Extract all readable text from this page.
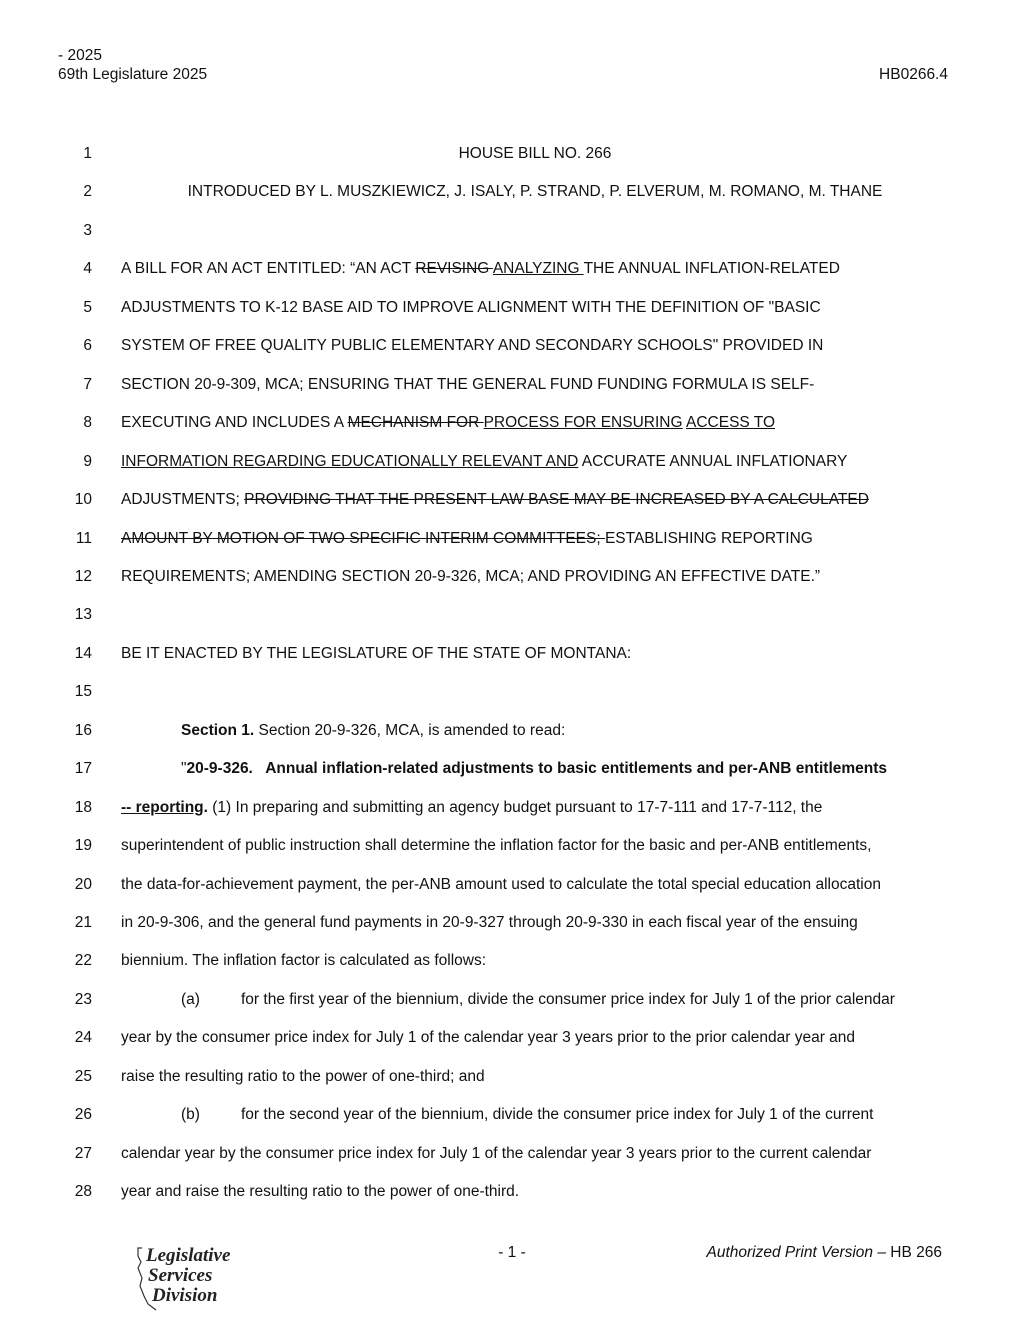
- 2025
69th Legislature 2025	HB0266.4
1	HOUSE BILL NO. 266
2	INTRODUCED BY L. MUSZKIEWICZ, J. ISALY, P. STRAND, P. ELVERUM, M. ROMANO, M. THANE
3
4 A BILL FOR AN ACT ENTITLED: “AN ACT REVISING ANALYZING THE ANNUAL INFLATION-RELATED
5 ADJUSTMENTS TO K-12 BASE AID TO IMPROVE ALIGNMENT WITH THE DEFINITION OF "BASIC
6 SYSTEM OF FREE QUALITY PUBLIC ELEMENTARY AND SECONDARY SCHOOLS" PROVIDED IN
7 SECTION 20-9-309, MCA; ENSURING THAT THE GENERAL FUND FUNDING FORMULA IS SELF-
8 EXECUTING AND INCLUDES A MECHANISM FOR PROCESS FOR ENSURING ACCESS TO
9 INFORMATION REGARDING EDUCATIONALLY RELEVANT AND ACCURATE ANNUAL INFLATIONARY
10 ADJUSTMENTS; PROVIDING THAT THE PRESENT LAW BASE MAY BE INCREASED BY A CALCULATED
11 AMOUNT BY MOTION OF TWO SPECIFIC INTERIM COMMITTEES; ESTABLISHING REPORTING
12 REQUIREMENTS; AMENDING SECTION 20-9-326, MCA; AND PROVIDING AN EFFECTIVE DATE.”
13
14 BE IT ENACTED BY THE LEGISLATURE OF THE STATE OF MONTANA:
15
16	Section 1. Section 20-9-326, MCA, is amended to read:
17	"20-9-326.   Annual inflation-related adjustments to basic entitlements and per-ANB entitlements
18 -- reporting. (1) In preparing and submitting an agency budget pursuant to 17-7-111 and 17-7-112, the
19 superintendent of public instruction shall determine the inflation factor for the basic and per-ANB entitlements,
20 the data-for-achievement payment, the per-ANB amount used to calculate the total special education allocation
21 in 20-9-306, and the general fund payments in 20-9-327 through 20-9-330 in each fiscal year of the ensuing
22 biennium. The inflation factor is calculated as follows:
23	(a)	for the first year of the biennium, divide the consumer price index for July 1 of the prior calendar
24 year by the consumer price index for July 1 of the calendar year 3 years prior to the prior calendar year and
25 raise the resulting ratio to the power of one-third; and
26	(b)	for the second year of the biennium, divide the consumer price index for July 1 of the current
27 calendar year by the consumer price index for July 1 of the calendar year 3 years prior to the current calendar
28 year and raise the resulting ratio to the power of one-third.
- 1 -	Authorized Print Version – HB 266
Legislative
Services
Division
